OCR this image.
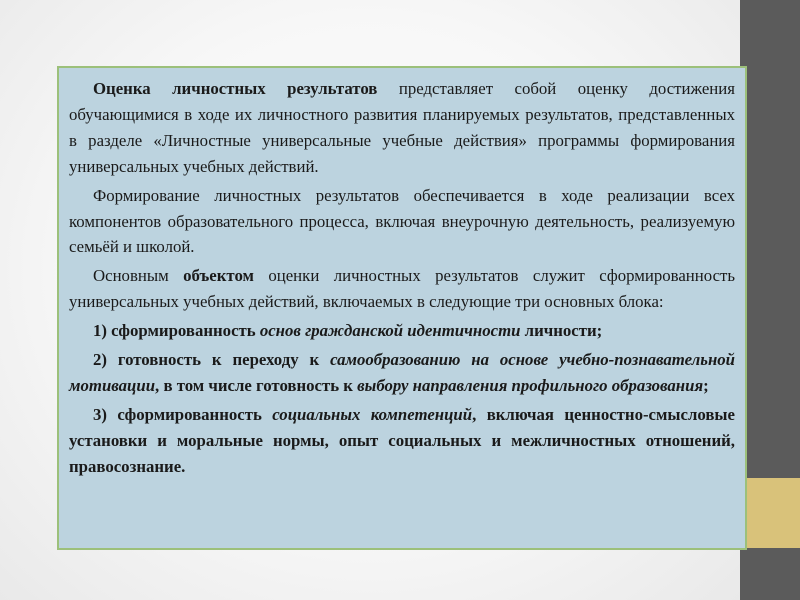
Оценка личностных результатов представляет собой оценку достижения обучающимися в ходе их личностного развития планируемых результатов, представленных в разделе «Личностные универсальные учебные действия» программы формирования универсальных учебных действий.

Формирование личностных результатов обеспечивается в ходе реализации всех компонентов образовательного процесса, включая внеурочную деятельность, реализуемую семьёй и школой.

Основным объектом оценки личностных результатов служит сформированность универсальных учебных действий, включаемых в следующие три основных блока:

1) сформированность основ гражданской идентичности личности;

2) готовность к переходу к самообразованию на основе учебно-познавательной мотивации, в том числе готовность к выбору направления профильного образования;

3) сформированность социальных компетенций, включая ценностно-смысловые установки и моральные нормы, опыт социальных и межличностных отношений, правосознание.
